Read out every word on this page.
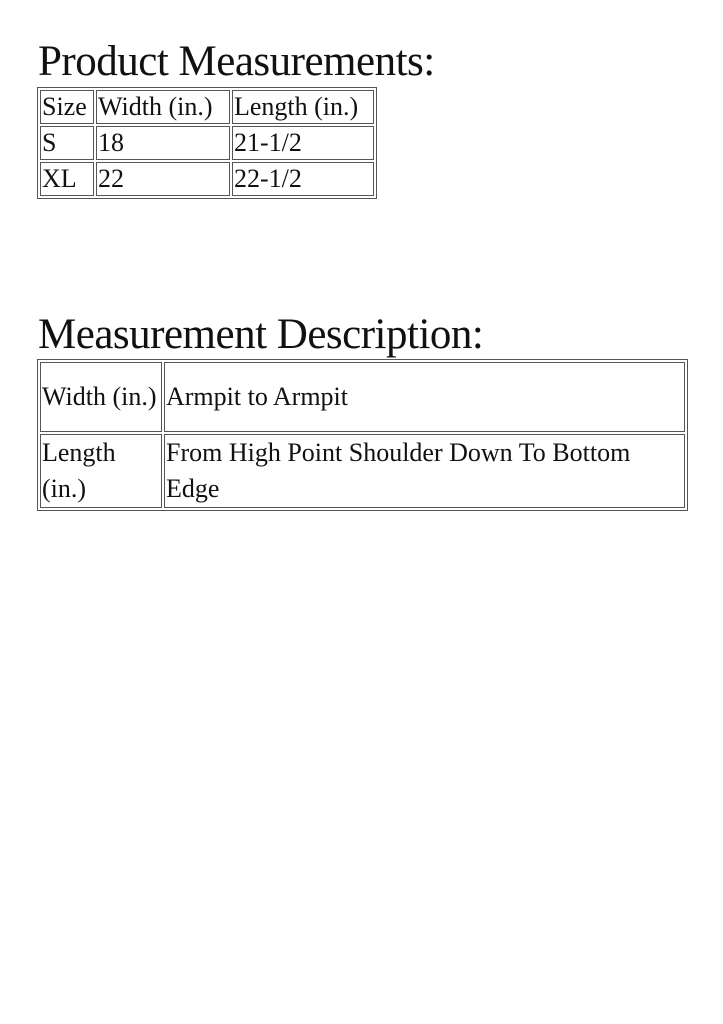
Product Measurements:
Size	Width (in.)	Length (in.)
S	18	21-1/2
XL	22	22-1/2
Measurement Description:
Width (in.)	Armpit to Armpit
Length (in.)	From High Point Shoulder Down To Bottom Edge
